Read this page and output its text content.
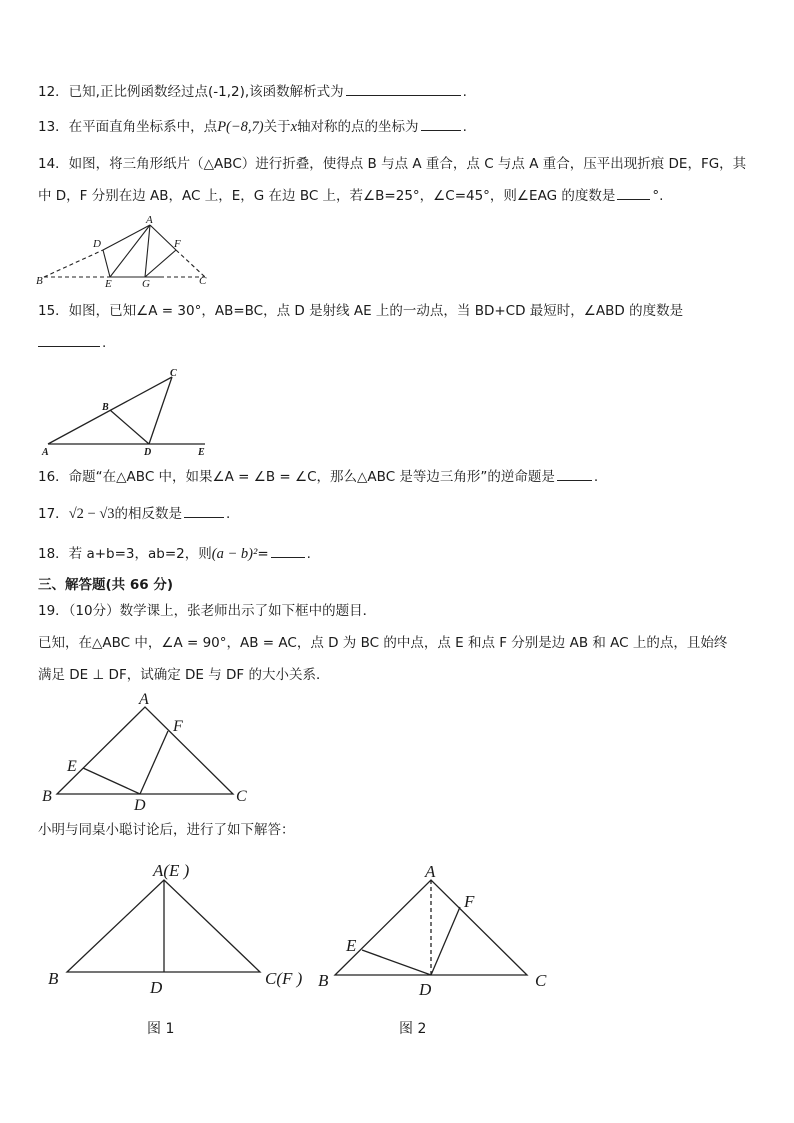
12．已知,正比例函数经过点(-1,2),该函数解析式为	.
13．在平面直角坐标系中，点P(−8,7)关于x轴对称的点的坐标为	.
14．如图，将三角形纸片（△ABC）进行折叠，使得点 B 与点 A 重合，点 C 与点 A 重合，压平出现折痕 DE，FG，其
中 D，F 分别在边 AB，AC 上，E，G 在边 BC 上，若∠B=25°，∠C=45°，则∠EAG 的度数是	°.
A
B	C
D
E
F
G
15．如图，已知∠A = 30°，AB=BC，点 D 是射线 AE 上的一动点，当 BD+CD 最短时，∠ABD 的度数是
.
A
B
C
D	E
16．命题“在△ABC 中，如果∠A = ∠B = ∠C，那么△ABC 是等边三角形”的逆命题是	.
17．√2 − √3的相反数是	.
18．若 a+b=3，ab=2，则(a − b)²=	.
三、解答题(共 66 分)
19．（10分）数学课上，张老师出示了如下框中的题目．
已知，在△ABC 中，∠A = 90°，AB = AC，点 D 为 BC 的中点，点 E 和点 F 分别是边 AB 和 AC 上的点，且始终
满足 DE ⊥ DF，试确定 DE 与 DF 的大小关系．
A
B	C
D
E
F
小明与同桌小聪讨论后，进行了如下解答：
A(E )
B	C(F )
D
图 1
A
B	C
D
E
F
图 2
